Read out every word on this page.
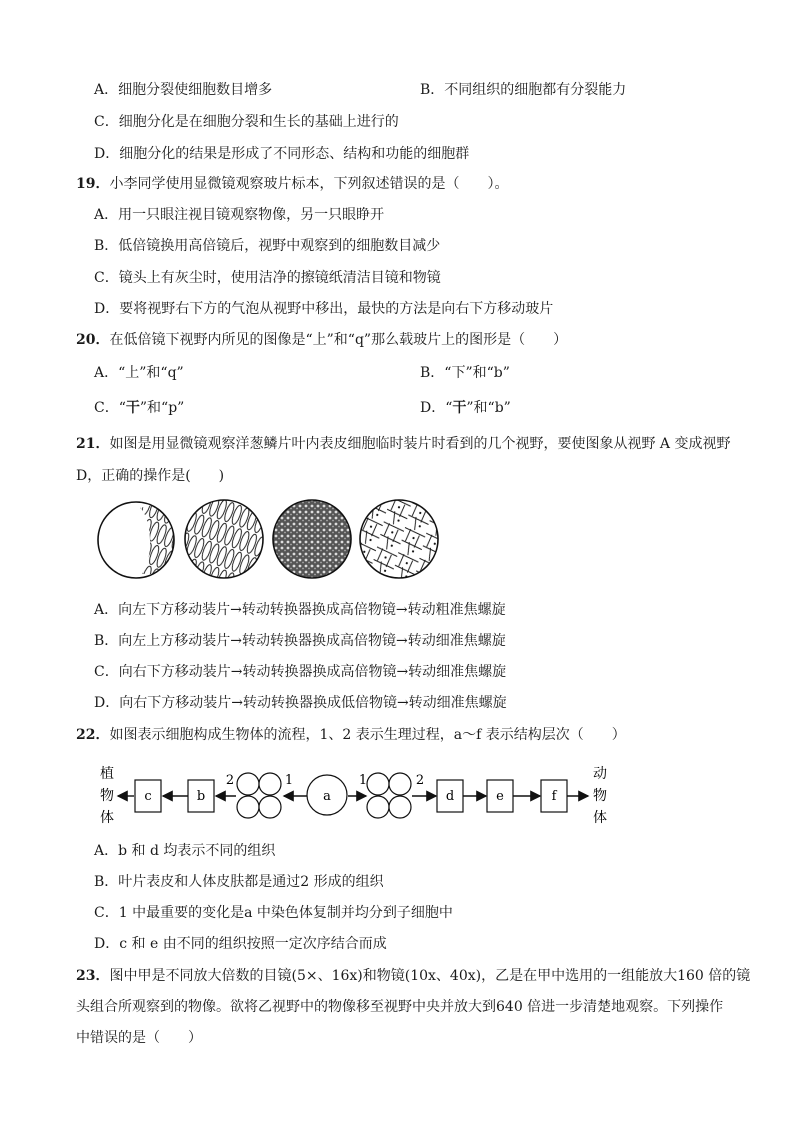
A．细胞分裂使细胞数目增多	B．不同组织的细胞都有分裂能力
C．细胞分化是在细胞分裂和生长的基础上进行的
D．细胞分化的结果是形成了不同形态、结构和功能的细胞群
19．小李同学使用显微镜观察玻片标本，下列叙述错误的是（　　）。
A．用一只眼注视目镜观察物像，另一只眼睁开
B．低倍镜换用高倍镜后，视野中观察到的细胞数目减少
C．镜头上有灰尘时，使用洁净的擦镜纸清洁目镜和物镜
D．要将视野右下方的气泡从视野中移出，最快的方法是向右下方移动玻片
20．在低倍镜下视野内所见的图像是“上”和“q”那么载玻片上的图形是（　　）
A．“上”和“q”	B．“下”和“b”
C．“干”和“p”	D．“干”和“b”
21．如图是用显微镜观察洋葱鳞片叶内表皮细胞临时装片时看到的几个视野，要使图象从视野 A 变成视野
D，正确的操作是(　　)
A．向左下方移动装片→转动转换器换成高倍物镜→转动粗准焦螺旋
B．向左上方移动装片→转动转换器换成高倍物镜→转动细准焦螺旋
C．向右下方移动装片→转动转换器换成高倍物镜→转动细准焦螺旋
D．向右下方移动装片→转动转换器换成低倍物镜→转动细准焦螺旋
22．如图表示细胞构成生物体的流程，1、2 表示生理过程，a～f 表示结构层次（　　）
植
物
体
c	b
2	1
a
1	2
d	e	f
动
物
体
A．b 和 d 均表示不同的组织
B．叶片表皮和人体皮肤都是通过2 形成的组织
C．1 中最重要的变化是a 中染色体复制并均分到子细胞中
D．c 和 e 由不同的组织按照一定次序结合而成
23．图中甲是不同放大倍数的目镜(5×、16x)和物镜(10x、40x)，乙是在甲中选用的一组能放大160 倍的镜
头组合所观察到的物像。欲将乙视野中的物像移至视野中央并放大到640 倍进一步清楚地观察。下列操作
中错误的是（　　）
